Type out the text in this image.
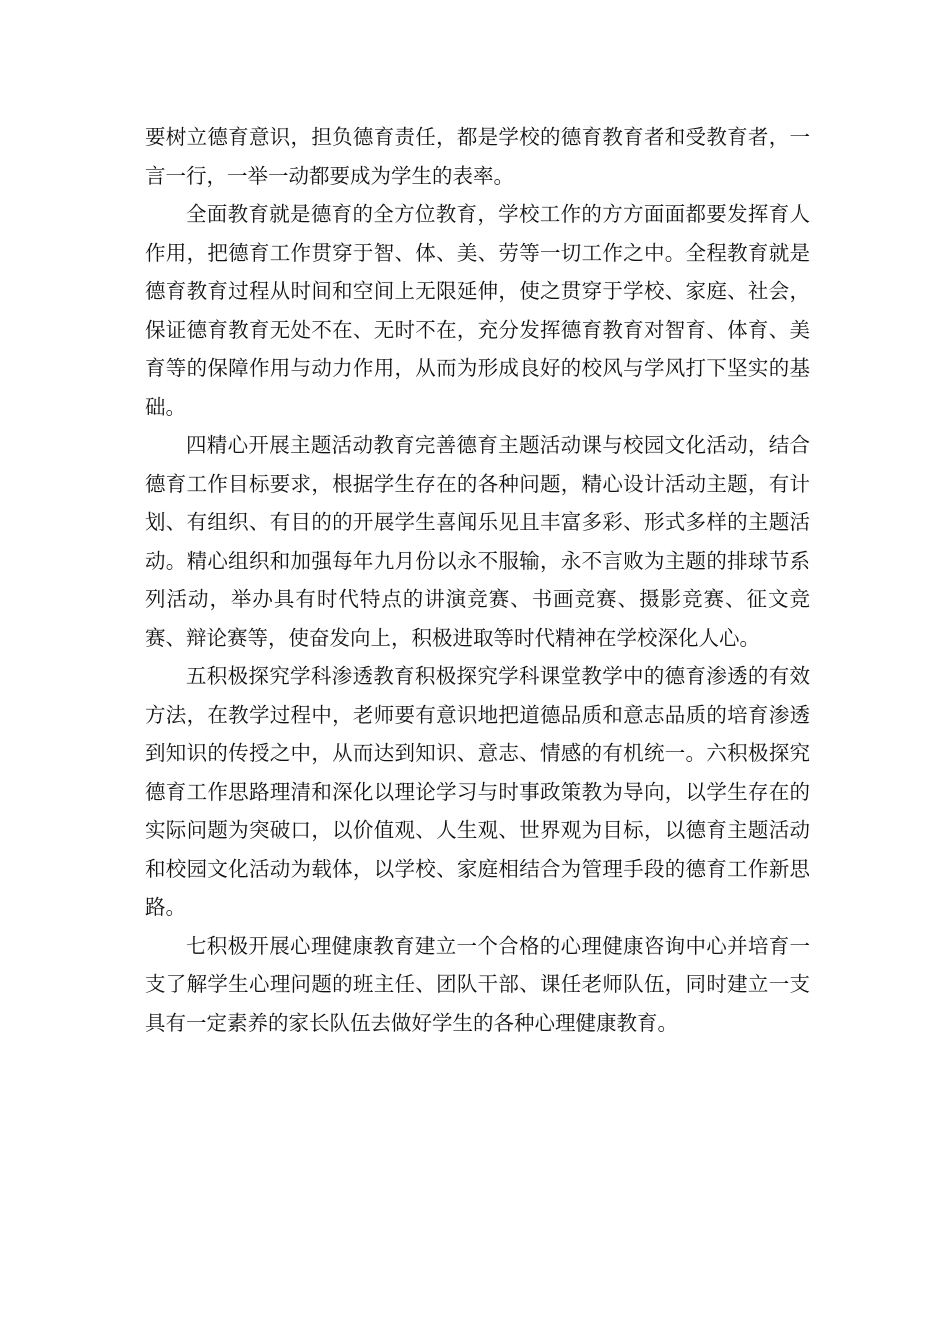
要树立德育意识，担负德育责任，都是学校的德育教育者和受教育者，一言一行，一举一动都要成为学生的表率。

全面教育就是德育的全方位教育，学校工作的方方面面都要发挥育人作用，把德育工作贯穿于智、体、美、劳等一切工作之中。全程教育就是德育教育过程从时间和空间上无限延伸，使之贯穿于学校、家庭、社会，保证德育教育无处不在、无时不在，充分发挥德育教育对智育、体育、美育等的保障作用与动力作用，从而为形成良好的校风与学风打下坚实的基础。

四精心开展主题活动教育完善德育主题活动课与校园文化活动，结合德育工作目标要求，根据学生存在的各种问题，精心设计活动主题，有计划、有组织、有目的的开展学生喜闻乐见且丰富多彩、形式多样的主题活动。精心组织和加强每年九月份以永不服输，永不言败为主题的排球节系列活动，举办具有时代特点的讲演竞赛、书画竞赛、摄影竞赛、征文竞赛、辩论赛等，使奋发向上，积极进取等时代精神在学校深化人心。

五积极探究学科渗透教育积极探究学科课堂教学中的德育渗透的有效方法，在教学过程中，老师要有意识地把道德品质和意志品质的培育渗透到知识的传授之中，从而达到知识、意志、情感的有机统一。六积极探究德育工作思路理清和深化以理论学习与时事政策教为导向，以学生存在的实际问题为突破口，以价值观、人生观、世界观为目标，以德育主题活动和校园文化活动为载体，以学校、家庭相结合为管理手段的德育工作新思路。

七积极开展心理健康教育建立一个合格的心理健康咨询中心并培育一支了解学生心理问题的班主任、团队干部、课任老师队伍，同时建立一支具有一定素养的家长队伍去做好学生的各种心理健康教育。
